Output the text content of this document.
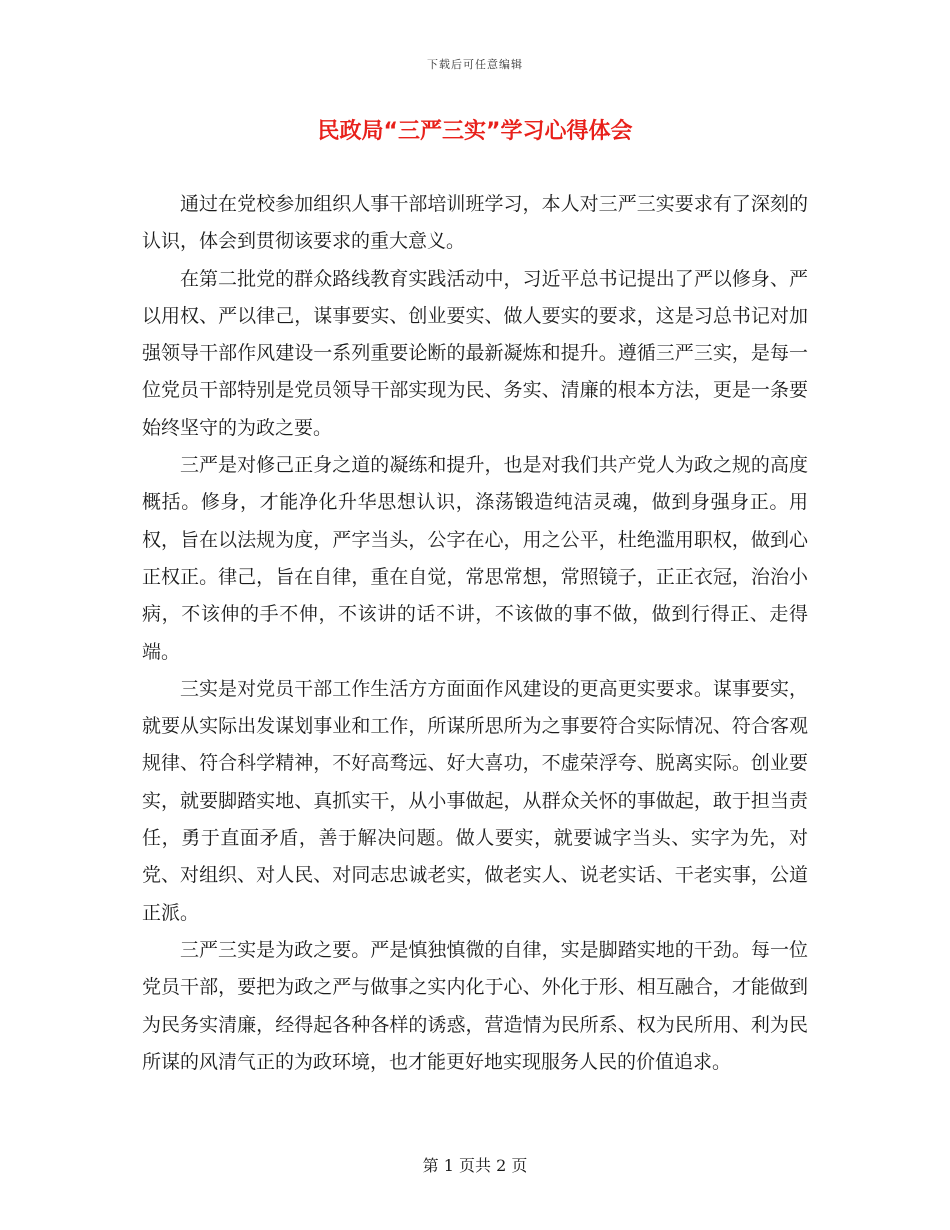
下载后可任意编辑
民政局“三严三实”学习心得体会

通过在党校参加组织人事干部培训班学习，本人对三严三实要求有了深刻的认识，体会到贯彻该要求的重大意义。

在第二批党的群众路线教育实践活动中，习近平总书记提出了严以修身、严以用权、严以律己，谋事要实、创业要实、做人要实的要求，这是习总书记对加强领导干部作风建设一系列重要论断的最新凝炼和提升。遵循三严三实，是每一位党员干部特别是党员领导干部实现为民、务实、清廉的根本方法，更是一条要始终坚守的为政之要。

三严是对修己正身之道的凝练和提升，也是对我们共产党人为政之规的高度概括。修身，才能净化升华思想认识，涤荡锻造纯洁灵魂，做到身强身正。用权，旨在以法规为度，严字当头，公字在心，用之公平，杜绝滥用职权，做到心正权正。律己，旨在自律，重在自觉，常思常想，常照镜子，正正衣冠，治治小病，不该伸的手不伸，不该讲的话不讲，不该做的事不做，做到行得正、走得端。

三实是对党员干部工作生活方方面面作风建设的更高更实要求。谋事要实，就要从实际出发谋划事业和工作，所谋所思所为之事要符合实际情况、符合客观规律、符合科学精神，不好高骛远、好大喜功，不虚荣浮夸、脱离实际。创业要实，就要脚踏实地、真抓实干，从小事做起，从群众关怀的事做起，敢于担当责任，勇于直面矛盾，善于解决问题。做人要实，就要诚字当头、实字为先，对党、对组织、对人民、对同志忠诚老实，做老实人、说老实话、干老实事，公道正派。

三严三实是为政之要。严是慎独慎微的自律，实是脚踏实地的干劲。每一位党员干部，要把为政之严与做事之实内化于心、外化于形、相互融合，才能做到为民务实清廉，经得起各种各样的诱惑，营造情为民所系、权为民所用、利为民所谋的风清气正的为政环境，也才能更好地实现服务人民的价值追求。

第 1 页共 2 页
